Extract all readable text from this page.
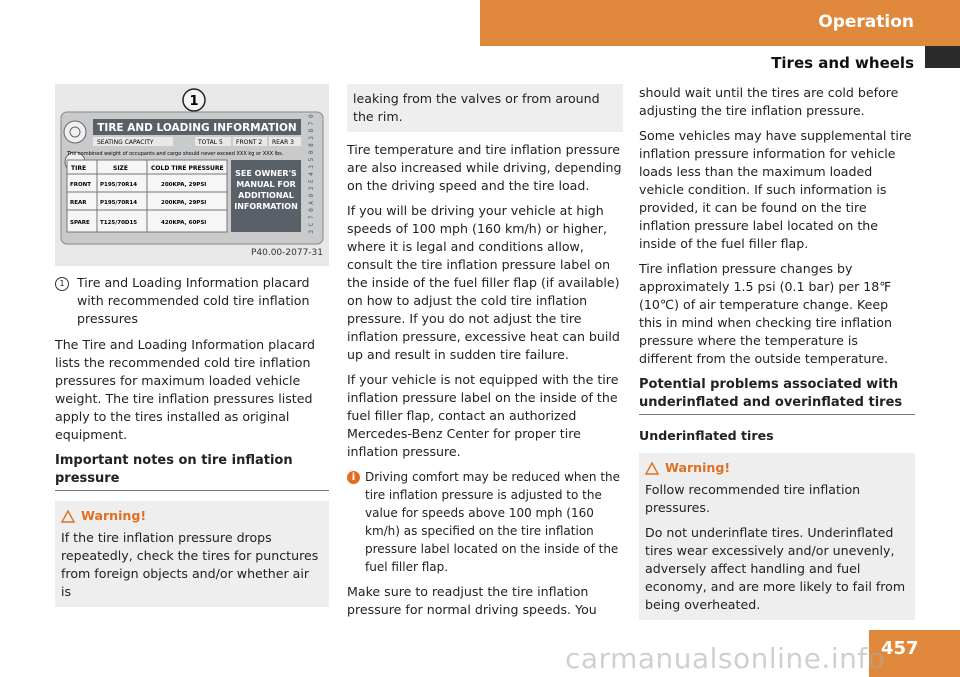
Operation
Tires and wheels
1
TIRE AND LOADING INFORMATION
SEATING CAPACITY	TOTAL 5 FRONT 2 REAR 3
The combined weight of occupants and cargo should never exceed XXX kg or XXX lbs.
TIRE	SIZE	COLD TIRE PRESSURE
FRONT P195/70R14	200KPA, 29PSI
REAR P195/70R14	200KPA, 29PSI
SPARE T125/70D15	420KPA, 60PSI
SEE OWNER'S MANUAL FOR ADDITIONAL INFORMATION 3 C 7 0 A 0 3 E 4 3 5 0 8 3 8 7 0
P40.00-2077-31
1 Tire and Loading Information placard with recommended cold tire inflation pressures

The Tire and Loading Information placard lists the recommended cold tire inflation pressures for maximum loaded vehicle weight. The tire inflation pressures listed apply to the tires installed as original equipment.

Important notes on tire inflation pressure
Warning!
If the tire inflation pressure drops repeatedly, check the tires for punctures from foreign objects and/or whether air is
leaking from the valves or from around the rim.

Tire temperature and tire inflation pressure are also increased while driving, depending on the driving speed and the tire load.

If you will be driving your vehicle at high speeds of 100 mph (160 km/h) or higher, where it is legal and conditions allow, consult the tire inflation pressure label on the inside of the fuel filler flap (if available) on how to adjust the cold tire inflation pressure. If you do not adjust the tire inflation pressure, excessive heat can build up and result in sudden tire failure.

If your vehicle is not equipped with the tire inflation pressure label on the inside of the fuel filler flap, contact an authorized Mercedes-Benz Center for proper tire inflation pressure.

i Driving comfort may be reduced when the tire inflation pressure is adjusted to the value for speeds above 100 mph (160 km/h) as specified on the tire inflation pressure label located on the inside of the fuel filler flap.

Make sure to readjust the tire inflation pressure for normal driving speeds. You

should wait until the tires are cold before adjusting the tire inflation pressure.

Some vehicles may have supplemental tire inflation pressure information for vehicle loads less than the maximum loaded vehicle condition. If such information is provided, it can be found on the tire inflation pressure label located on the inside of the fuel filler flap.

Tire inflation pressure changes by approximately 1.5 psi (0.1 bar) per 18℉ (10℃) of air temperature change. Keep this in mind when checking tire inflation pressure where the temperature is different from the outside temperature.

Potential problems associated with underinflated and overinflated tires
Underinflated tires
Warning!

Follow recommended tire inflation pressures.

Do not underinflate tires. Underinflated tires wear excessively and/or unevenly, adversely affect handling and fuel economy, and are more likely to fail from being overheated.

457
carmanualsonline.info
